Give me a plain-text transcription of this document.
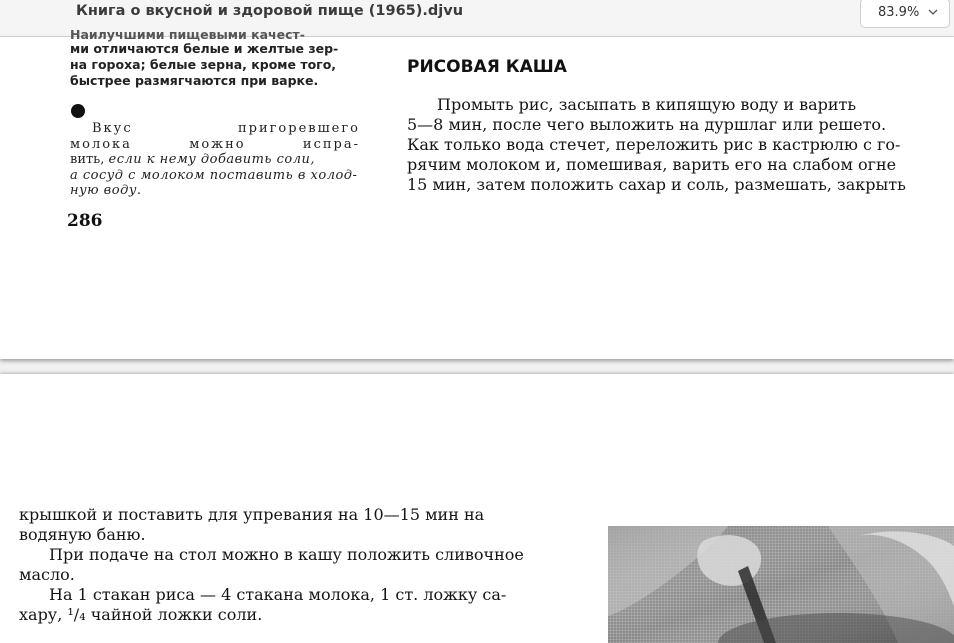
Книга о вкусной и здоровой пище (1965).djvu	83.9%
Наилучшими пищевыми качест-
ми отличаются белые и желтые зер-
на гороха; белые зерна, кроме того,
быстрее размягчаются при варке.
Вкус	пригоревшего
молока	можно	испра-
вить, если к нему добавить соли,
а сосуд с молоком поставить в холод-
ную воду.
286
РИСОВАЯ КАША
Промыть рис, засыпать в кипящую воду и варить
5—8 мин, после чего выложить на дуршлаг или решето.
Как только вода стечет, переложить рис в кастрюлю с го-
рячим молоком и, помешивая, варить его на слабом огне
15 мин, затем положить сахар и соль, размешать, закрыть
крышкой и поставить для упревания на 10—15 мин на
водяную баню.
При подаче на стол можно в кашу положить сливочное
масло.
На 1 стакан риса — 4 стакана молока, 1 ст. ложку са-
хару, ¹/₄ чайной ложки соли.
